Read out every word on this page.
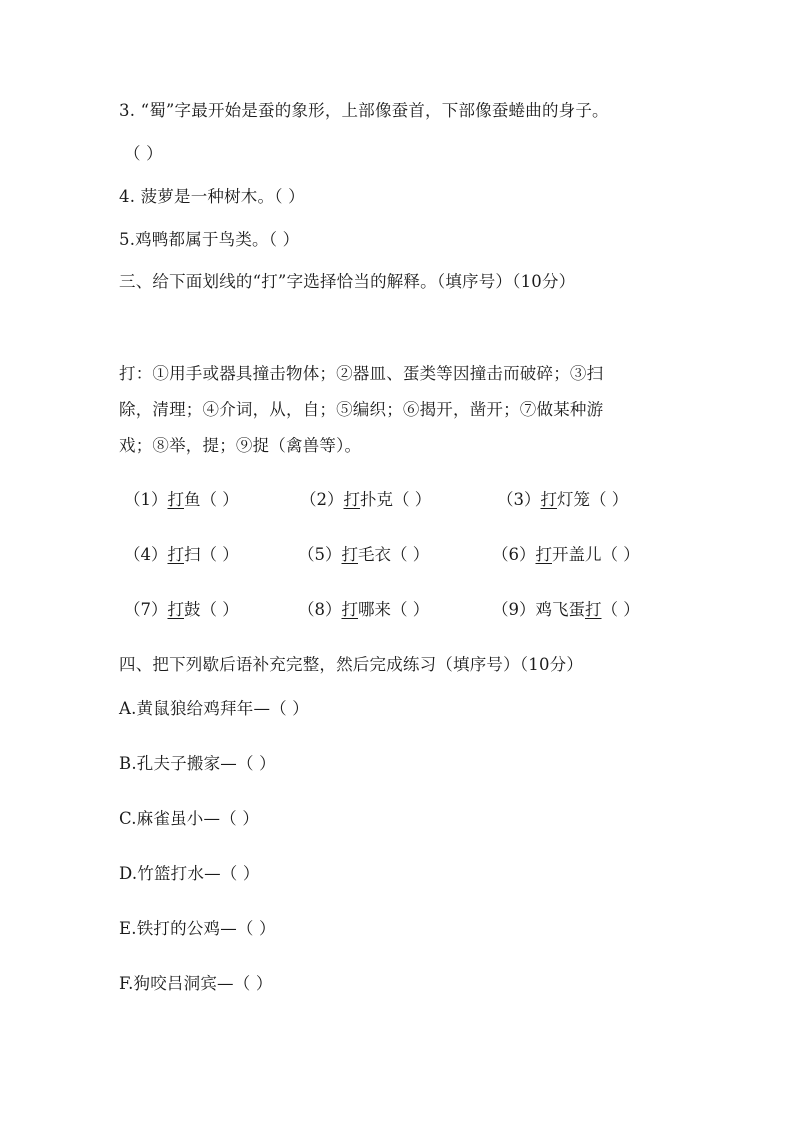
3. “蜀”字最开始是蚕的象形，上部像蚕首，下部像蚕蜷曲的身子。
（ ）
4. 菠萝是一种树木。（ ）
5.鸡鸭都属于鸟类。（ ）
三、给下面划线的“打”字选择恰当的解释。（填序号）（10分）
打：①用手或器具撞击物体；②器皿、蛋类等因撞击而破碎；③扫
除，清理；④介词，从，自；⑤编织；⑥揭开，凿开；⑦做某种游
戏；⑧举，提；⑨捉（禽兽等）。
（1）打鱼（ ）	（2）打扑克（ ）	（3）打灯笼（ ）
（4）打扫（ ）	（5）打毛衣（ ）	（6）打开盖儿（ ）
（7）打鼓（ ）	（8）打哪来（ ）	（9）鸡飞蛋打（ ）
四、把下列歇后语补充完整，然后完成练习（填序号）（10分）
A.黄鼠狼给鸡拜年—（ ）
B.孔夫子搬家—（ ）
C.麻雀虽小—（ ）
D.竹篮打水—（ ）
E.铁打的公鸡—（ ）
F.狗咬吕洞宾—（ ）
